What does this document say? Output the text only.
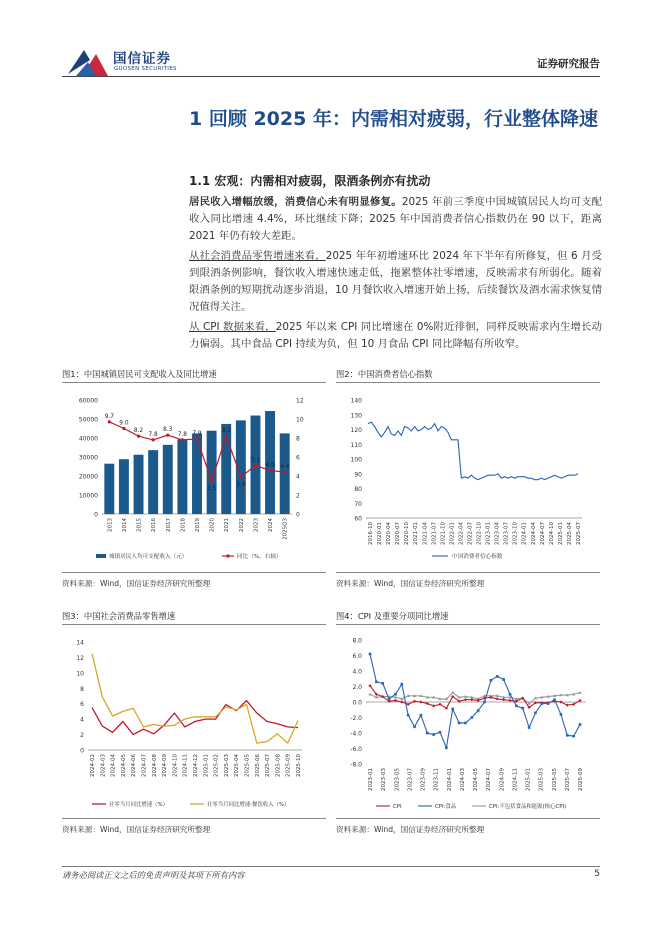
国信证券
GUOSEN SECURITIES	证券研究报告
1 回顾 2025 年：内需相对疲弱，行业整体降速
1.1 宏观：内需相对疲弱，限酒条例亦有扰动
居民收入增幅放缓，消费信心未有明显修复。2025 年前三季度中国城镇居民人均可支配收入同比增速 4.4%，环比继续下降；2025 年中国消费者信心指数仍在 90 以下，距离 2021 年仍有较大差距。
从社会消费品零售增速来看，2025 年年初增速环比 2024 年下半年有所修复，但 6 月受到限酒条例影响，餐饮收入增速快速走低，拖累整体社零增速，反映需求有所弱化。随着限酒条例的短期扰动逐步消退，10 月餐饮收入增速开始上扬，后续餐饮及酒水需求恢复情况值得关注。
从 CPI 数据来看，2025 年以来 CPI 同比增速在 0%附近徘徊，同样反映需求内生增长动力偏弱。其中食品 CPI 持续为负，但 10 月食品 CPI 同比降幅有所收窄。
图1：中国城镇居民可支配收入及同比增速
0
10000
20000
30000
40000
50000
60000
0
2
4
6
8
10
12
9.7
9.0
8.2
7.8
8.3
7.8 7.9
3.5
8.2
3.9
5.1
4.6 4.4
2013 2014 2015 2016 2017 2018 2019 2020 2021 2022 2023 2024 2025Q3
城镇居民人均可支配收入（元）	同比（%，右轴）
资料来源：Wind，国信证券经济研究所整理
图2：中国消费者信心指数
60
70
80
90
100
110
120
130
140
2016-10 2020-01 2020-04 2020-07 2020-10 2021-01 2021-04 2021-07 2021-10 2022-01 2022-04 2022-07 2022-10 2023-01 2023-04 2023-07 2023-10 2024-01 2024-04 2024-07 2024-10 2025-01 2025-04 2025-07
中国消费者信心指数
资料来源：Wind，国信证券经济研究所整理
图3：中国社会消费品零售增速
0
2
4
6
8
10
12
14
2024-02 2024-03 2024-04 2024-05 2024-06 2024-07 2024-08 2024-09 2024-10 2024-11 2024-12 2025-01 2025-02 2025-03 2025-04 2025-05 2025-06 2025-07 2025-08 2025-09 2025-10
社零当月同比增速（%）	社零当月同比增速:餐饮收入（%）
资料来源：Wind，国信证券经济研究所整理
图4：CPI 及重要分项同比增速
-8.0
-6.0
-4.0
-2.0
0.0
2.0
4.0
6.0
8.0
2023-01 2023-03 2023-05 2023-07 2023-09 2023-11 2024-01 2024-03 2024-05 2024-07 2024-09 2024-11 2025-01 2025-03 2025-05 2025-07 2025-09
CPI	CPI:食品	CPI:不包括食品和能源(核心CPI)
资料来源：Wind，国信证券经济研究所整理
请务必阅读正文之后的免责声明及其项下所有内容	5
